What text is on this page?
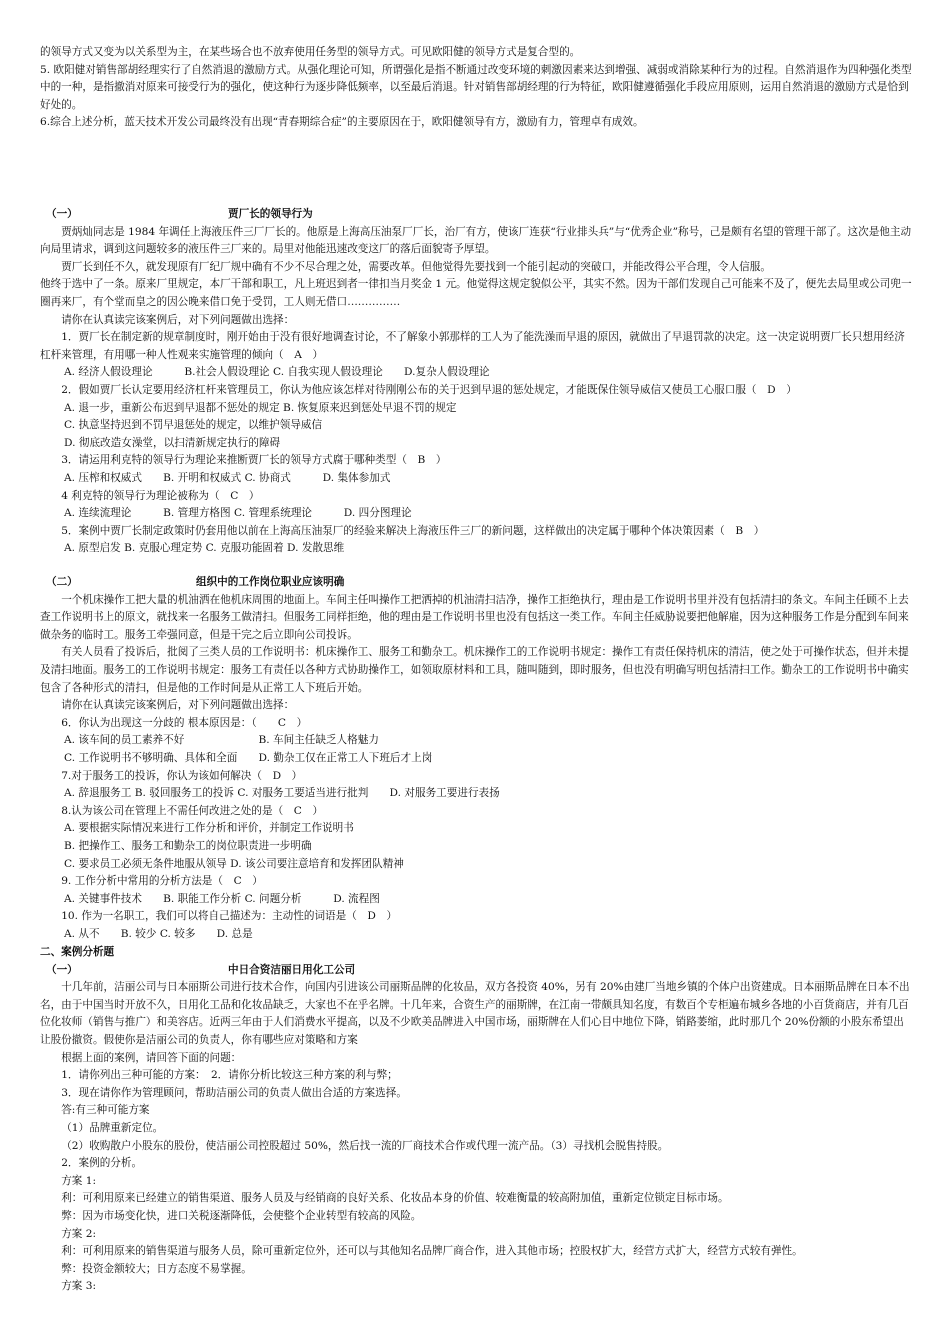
的领导方式又变为以关系型为主，在某些场合也不放弃使用任务型的领导方式。可见欧阳健的领导方式是复合型的。

5. 欧阳健对销售部胡经理实行了自然消退的激励方式。从强化理论可知，所谓强化是指不断通过改变环境的刺激因素来达到增强、减弱或消除某种行为的过程。自然消退作为四种强化类型中的一种，是指撤消对原来可接受行为的强化，使这种行为逐步降低频率，以至最后消退。针对销售部胡经理的行为特征，欧阳健遵循强化手段应用原则，运用自然消退的激励方式是恰到好处的。

6.综合上述分析，蓝天技术开发公司最终没有出现“青春期综合症”的主要原因在于，欧阳健领导有方，激励有力，管理卓有成效。

（一）	贾厂长的领导行为

贾炳灿同志是 1984 年调任上海液压件三厂厂长的。他原是上海高压油泵厂厂长，治厂有方，使该厂连获“行业排头兵”与“优秀企业”称号，己是颇有名望的管理干部了。这次是他主动向局里请求，调到这问题较多的液压件三厂来的。局里对他能迅速改变这厂的落后面貌寄予厚望。

贾厂长到任不久，就发现原有厂纪厂规中确有不少不尽合理之处，需要改革。但他觉得先要找到一个能引起动的突破口，并能改得公平合理，令人信服。

他终于选中了一条。原来厂里规定，本厂干部和职工，凡上班迟到者一律扣当月奖金 1 元。他觉得这规定貌似公平，其实不然。因为干部们发现自己可能来不及了，便先去局里或公司兜一圈再来厂，有个堂而皇之的因公晚来借口免于受罚，工人则无借口……………

请你在认真读完该案例后，对下列问题做出选择：

1．贾厂长在制定新的规章制度时，刚开始由于没有很好地调查讨论，不了解象小郭那样的工人为了能洗澡而早退的原因，就做出了早退罚款的决定。这一决定说明贾厂长只想用经济杠杆来管理，有用哪一种人性观来实施管理的倾向（　A　）

A. 经济人假设理论　　　B.社会人假设理论 C. 自我实现人假设理论　　D.复杂人假设理论

2．假如贾厂长认定要用经济杠杆来管理员工，你认为他应该怎样对待刚刚公布的关于迟到早退的惩处规定，才能既保住领导威信又使员工心服口服（　D　）

A. 退一步，重新公布迟到早退都不惩处的规定 B. 恢复原来迟到惩处早退不罚的规定

C. 执意坚持迟到不罚早退惩处的规定，以维护领导威信

D. 彻底改造女澡堂，以扫清新规定执行的障碍

3．请运用利克特的领导行为理论来推断贾厂长的领导方式腐于哪种类型（　B　）

A. 压榨和权威式　　B. 开明和权威式 C. 协商式　　　D. 集体参加式

4 利克特的领导行为理论被称为（　C　）

A. 连续流理论　　　B. 管理方格图 C. 管理系统理论　　　D. 四分图理论

5．案例中贾厂长制定政策时仍套用他以前在上海高压油泵厂的经验来解决上海液压件三厂的新问题，这样做出的决定属于哪种个体决策因素（　B　）

A. 原型启发 B. 克服心理定势 C. 克服功能固着 D. 发散思维

（二）	组织中的工作岗位职业应该明确

一个机床操作工把大量的机油洒在他机床周围的地面上。车间主任叫操作工把洒掉的机油清扫洁净，操作工拒绝执行，理由是工作说明书里并没有包括清扫的条文。车间主任顾不上去查工作说明书上的原文，就找来一名服务工做清扫。但服务工同样拒绝，他的理由是工作说明书里也没有包括这一类工作。车间主任威胁说要把他解雇，因为这种服务工作是分配到车间来做杂务的临时工。服务工牵强同意，但是干完之后立即向公司投诉。

有关人员看了投诉后，批阅了三类人员的工作说明书：机床操作工、服务工和勤杂工。机床操作工的工作说明书规定：操作工有责任保持机床的清洁，使之处于可操作状态，但并未提及清扫地面。服务工的工作说明书规定：服务工有责任以各种方式协助操作工，如领取原材料和工具，随叫随到，即时服务，但也没有明确写明包括清扫工作。勤杂工的工作说明书中确实包含了各种形式的清扫，但是他的工作时间是从正常工人下班后开始。

请你在认真读完该案例后，对下列问题做出选择：

6．你认为出现这一分歧的 根本原因是：（　　C　）

A. 该车间的员工素养不好　　　　　　　B. 车间主任缺乏人格魅力

C. 工作说明书不够明确、具体和全面　　D. 勤杂工仅在正常工人下班后才上岗

7.对于服务工的投诉，你认为该如何解决（　D　）

A. 辞退服务工 B. 驳回服务工的投诉 C. 对服务工要适当进行批判　　D. 对服务工要进行表扬

8.认为该公司在管理上不需任何改进之处的是（　C　）

A. 要根据实际情况来进行工作分析和评价，并制定工作说明书

B. 把操作工、服务工和勤杂工的岗位职责进一步明确

C. 要求员工必须无条件地服从领导 D. 该公司要注意培育和发挥团队精神

9. 工作分析中常用的分析方法是（　C　）

A. 关键事件技术　　B. 职能工作分析 C. 问题分析　　　D. 流程图

10. 作为一名职工，我们可以将自己描述为：主动性的词语是（　D　）

A. 从不　　B. 较少 C. 较多　　D. 总是

二、案例分析题

（一）	中日合资洁丽日用化工公司

十几年前，洁丽公司与日本丽斯公司进行技术合作，向国内引进该公司丽斯品牌的化妆品，双方各投资 40%，另有 20%由建厂当地乡镇的个体户出资建成。日本丽斯品牌在日本不出名，由于中国当时开放不久，日用化工品和化妆品缺乏，大家也不在乎名牌。十几年来，合资生产的丽斯牌，在江南一带颇具知名度，有数百个专柜遍布城乡各地的小百货商店，并有几百位化妆师（销售与推广）和美容店。近两三年由于人们消费水平提高，以及不少欧美品牌进入中国市场，丽斯牌在人们心目中地位下降，销路萎缩，此时那几个 20%份额的小股东希望出让股份撤资。假使你是洁丽公司的负责人，你有哪些应对策略和方案

根据上面的案例，请回答下面的问题：

1．请你列出三种可能的方案：　2．请你分析比较这三种方案的利与弊；

3．现在请你作为管理顾问，帮助洁丽公司的负责人做出合适的方案选择。

答:有三种可能方案

（1）品牌重新定位。

（2）收购散户小股东的股份，使洁丽公司控股超过 50%，然后找一流的厂商技术合作或代理一流产品。（3）寻找机会脱售持股。

2．案例的分析。

方案 1:

利：可利用原来已经建立的销售渠道、服务人员及与经销商的良好关系、化妆品本身的价值、较难衡量的较高附加值，重新定位锁定目标市场。

弊：因为市场变化快，进口关税逐渐降低，会使整个企业转型有较高的风险。

方案 2:

利：可利用原来的销售渠道与服务人员，除可重新定位外，还可以与其他知名品牌厂商合作，进入其他市场；控股权扩大，经营方式扩大，经营方式较有弹性。

弊：投资金额较大；日方态度不易掌握。

方案 3:
